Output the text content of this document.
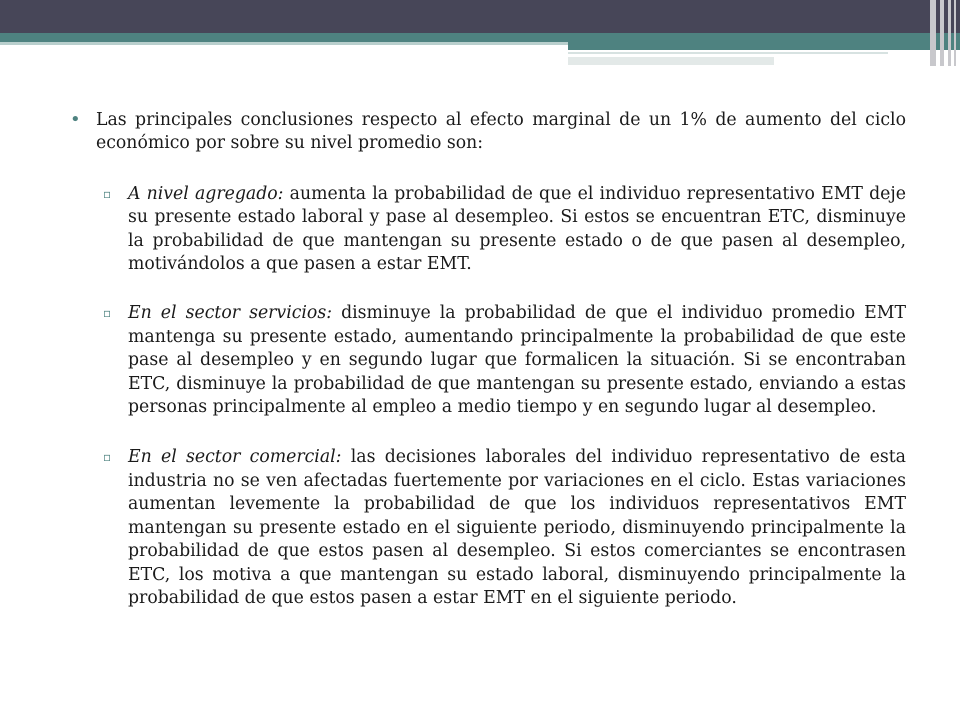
• Las principales conclusiones respecto al efecto marginal de un 1% de aumento del ciclo económico por sobre su nivel promedio son:
▫ A nivel agregado: aumenta la probabilidad de que el individuo representativo EMT deje su presente estado laboral y pase al desempleo. Si estos se encuentran ETC, disminuye la probabilidad de que mantengan su presente estado o de que pasen al desempleo, motivándolos a que pasen a estar EMT.
▫ En el sector servicios: disminuye la probabilidad de que el individuo promedio EMT mantenga su presente estado, aumentando principalmente la probabilidad de que este pase al desempleo y en segundo lugar que formalicen la situación. Si se encontraban ETC, disminuye la probabilidad de que mantengan su presente estado, enviando a estas personas principalmente al empleo a medio tiempo y en segundo lugar al desempleo.
▫ En el sector comercial: las decisiones laborales del individuo representativo de esta industria no se ven afectadas fuertemente por variaciones en el ciclo. Estas variaciones aumentan levemente la probabilidad de que los individuos representativos EMT mantengan su presente estado en el siguiente periodo, disminuyendo principalmente la probabilidad de que estos pasen al desempleo. Si estos comerciantes se encontrasen ETC, los motiva a que mantengan su estado laboral, disminuyendo principalmente la probabilidad de que estos pasen a estar EMT en el siguiente periodo.
